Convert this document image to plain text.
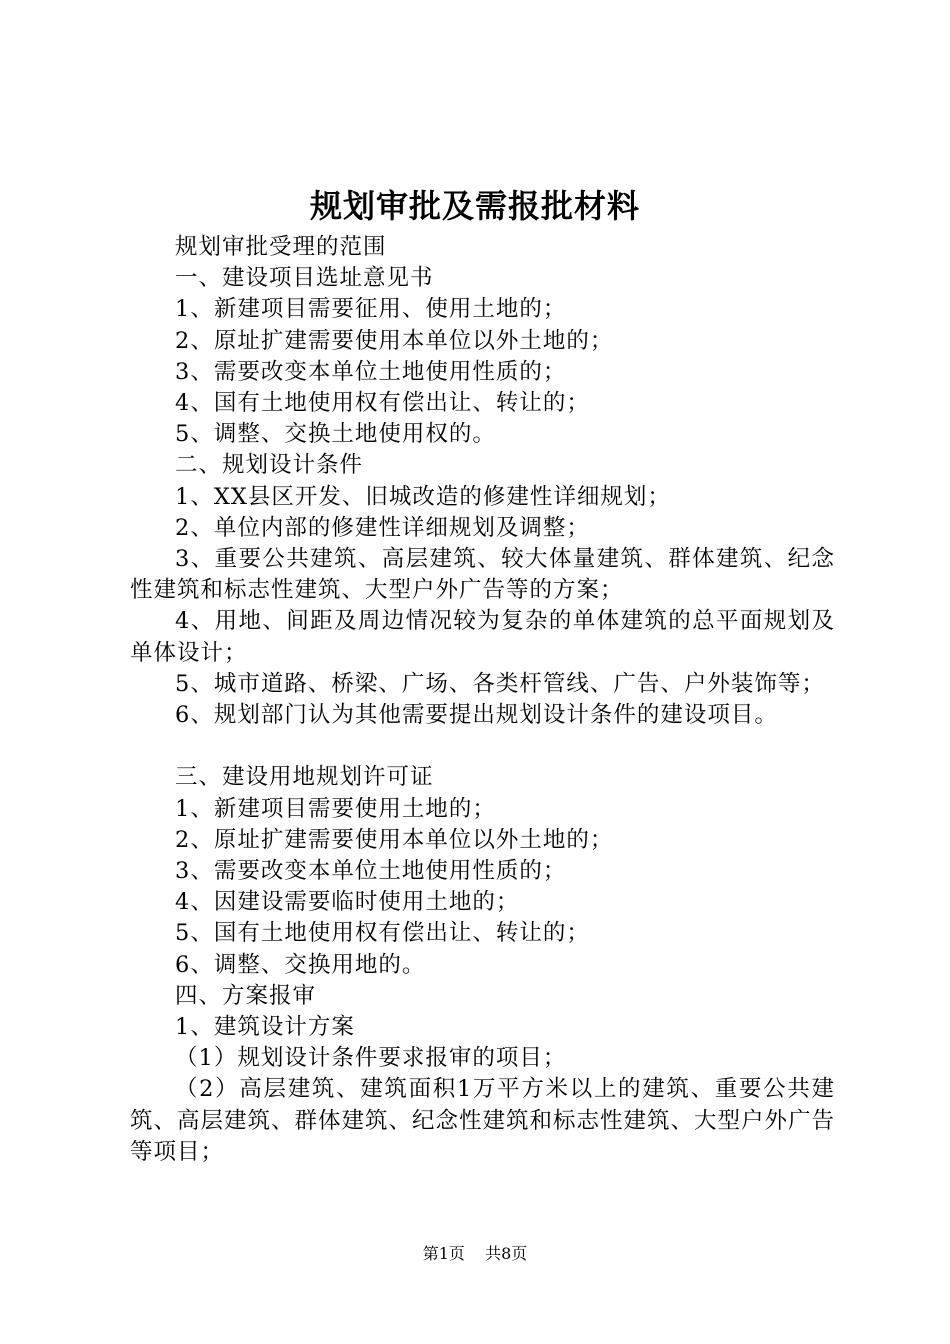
规划审批及需报批材料

规划审批受理的范围

一、建设项目选址意见书

1、新建项目需要征用、使用土地的；

2、原址扩建需要使用本单位以外土地的；

3、需要改变本单位土地使用性质的；

4、国有土地使用权有偿出让、转让的；

5、调整、交换土地使用权的。

二、规划设计条件

1、XX县区开发、旧城改造的修建性详细规划；

2、单位内部的修建性详细规划及调整；

3、重要公共建筑、高层建筑、较大体量建筑、群体建筑、纪念性建筑和标志性建筑、大型户外广告等的方案；

4、用地、间距及周边情况较为复杂的单体建筑的总平面规划及单体设计；

5、城市道路、桥梁、广场、各类杆管线、广告、户外装饰等；

6、规划部门认为其他需要提出规划设计条件的建设项目。

三、建设用地规划许可证

1、新建项目需要使用土地的；

2、原址扩建需要使用本单位以外土地的；

3、需要改变本单位土地使用性质的；

4、因建设需要临时使用土地的；

5、国有土地使用权有偿出让、转让的；

6、调整、交换用地的。

四、方案报审

1、建筑设计方案

（1）规划设计条件要求报审的项目；

（2）高层建筑、建筑面积1万平方米以上的建筑、重要公共建筑、高层建筑、群体建筑、纪念性建筑和标志性建筑、大型户外广告等项目；

第1页 共8页
